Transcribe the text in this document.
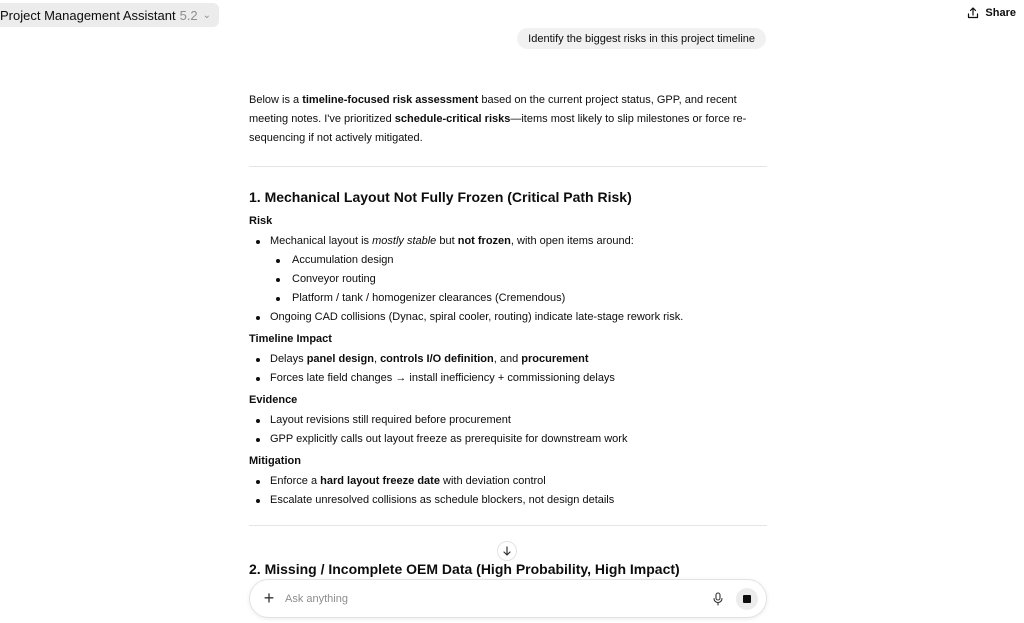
Project Management Assistant 5.2 ⌄	Share
Identify the biggest risks in this project timeline

Below is a timeline-focused risk assessment based on the current project status, GPP, and recent meeting notes. I've prioritized schedule-critical risks—items most likely to slip milestones or force re-sequencing if not actively mitigated.

1. Mechanical Layout Not Fully Frozen (Critical Path Risk)
Risk
Mechanical layout is mostly stable but not frozen, with open items around:
Accumulation design
Conveyor routing
Platform / tank / homogenizer clearances (Cremendous)
Ongoing CAD collisions (Dynac, spiral cooler, routing) indicate late-stage rework risk.
Timeline Impact
Delays panel design, controls I/O definition, and procurement
Forces late field changes → install inefficiency + commissioning delays
Evidence
Layout revisions still required before procurement
GPP explicitly calls out layout freeze as prerequisite for downstream work
Mitigation
Enforce a hard layout freeze date with deviation control
Escalate unresolved collisions as schedule blockers, not design details
2. Missing / Incomplete OEM Data (High Probability, High Impact)
+
Ask anything
